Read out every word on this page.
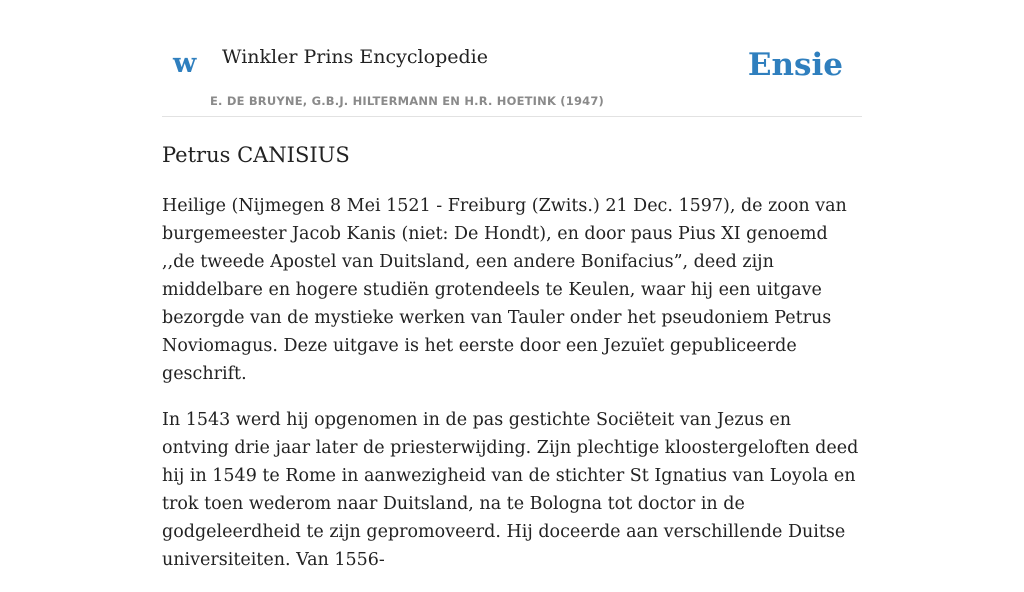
w Winkler Prins Encyclopedie
E. DE BRUYNE, G.B.J. HILTERMANN EN H.R. HOETINK (1947)
Ensie
Petrus CANISIUS

Heilige (Nijmegen 8 Mei 1521 - Freiburg (Zwits.) 21 Dec. 1597), de zoon van burgemeester Jacob Kanis (niet: De Hondt), en door paus Pius XI genoemd ,,de tweede Apostel van Duitsland, een andere Bonifacius”, deed zijn middelbare en hogere studiën grotendeels te Keulen, waar hij een uitgave bezorgde van de mystieke werken van Tauler onder het pseudoniem Petrus Noviomagus. Deze uitgave is het eerste door een Jezuïet gepubliceerde geschrift.

In 1543 werd hij opgenomen in de pas gestichte Sociëteit van Jezus en ontving drie jaar later de priesterwijding. Zijn plechtige kloostergeloften deed hij in 1549 te Rome in aanwezigheid van de stichter St Ignatius van Loyola en trok toen wederom naar Duitsland, na te Bologna tot doctor in de godgeleerdheid te zijn gepromoveerd. Hij doceerde aan verschillende Duitse universiteiten. Van 1556-
